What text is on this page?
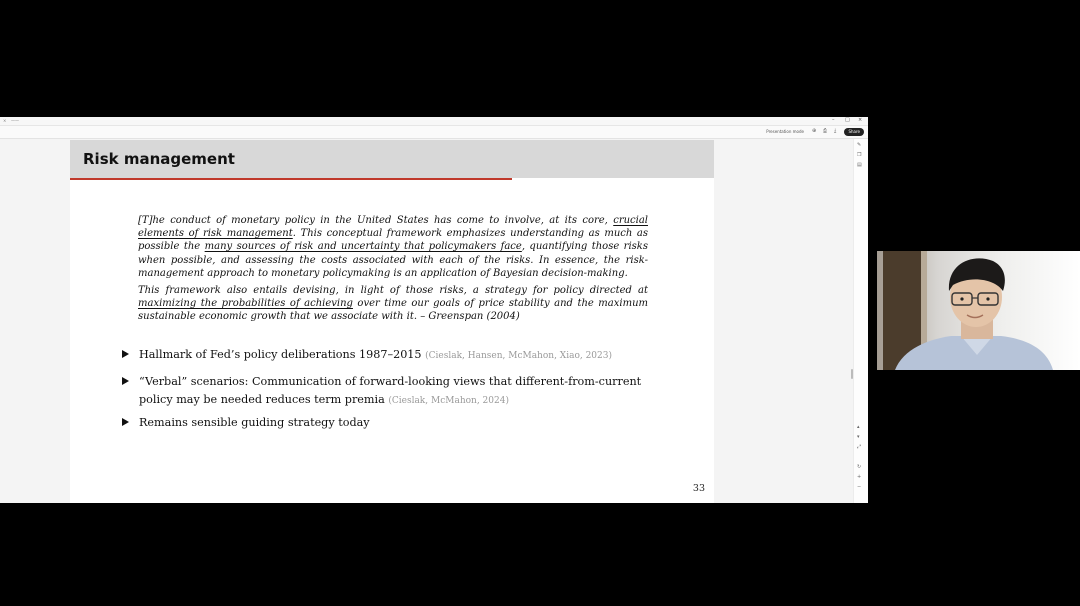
× ——	– □ ×
Presentation mode ⊕ ⎙ ⤓	Share
✎
❐
▤
▴
▾
⤢
↻
+
−
Risk management

[T]he conduct of monetary policy in the United States has come to involve, at its core, crucial elements of risk management. This conceptual framework emphasizes understanding as much as possible the many sources of risk and uncertainty that policymakers face, quantifying those risks when possible, and assessing the costs associated with each of the risks. In essence, the risk-management approach to monetary policymaking is an application of Bayesian decision-making.

This framework also entails devising, in light of those risks, a strategy for policy directed at maximizing the probabilities of achieving over time our goals of price stability and the maximum sustainable economic growth that we associate with it. – Greenspan (2004)

Hallmark of Fed’s policy deliberations 1987–2015 (Cieslak, Hansen, McMahon, Xiao, 2023)
“Verbal” scenarios: Communication of forward-looking views that different-from-current policy may be needed reduces term premia (Cieslak, McMahon, 2024)
Remains sensible guiding strategy today
33
